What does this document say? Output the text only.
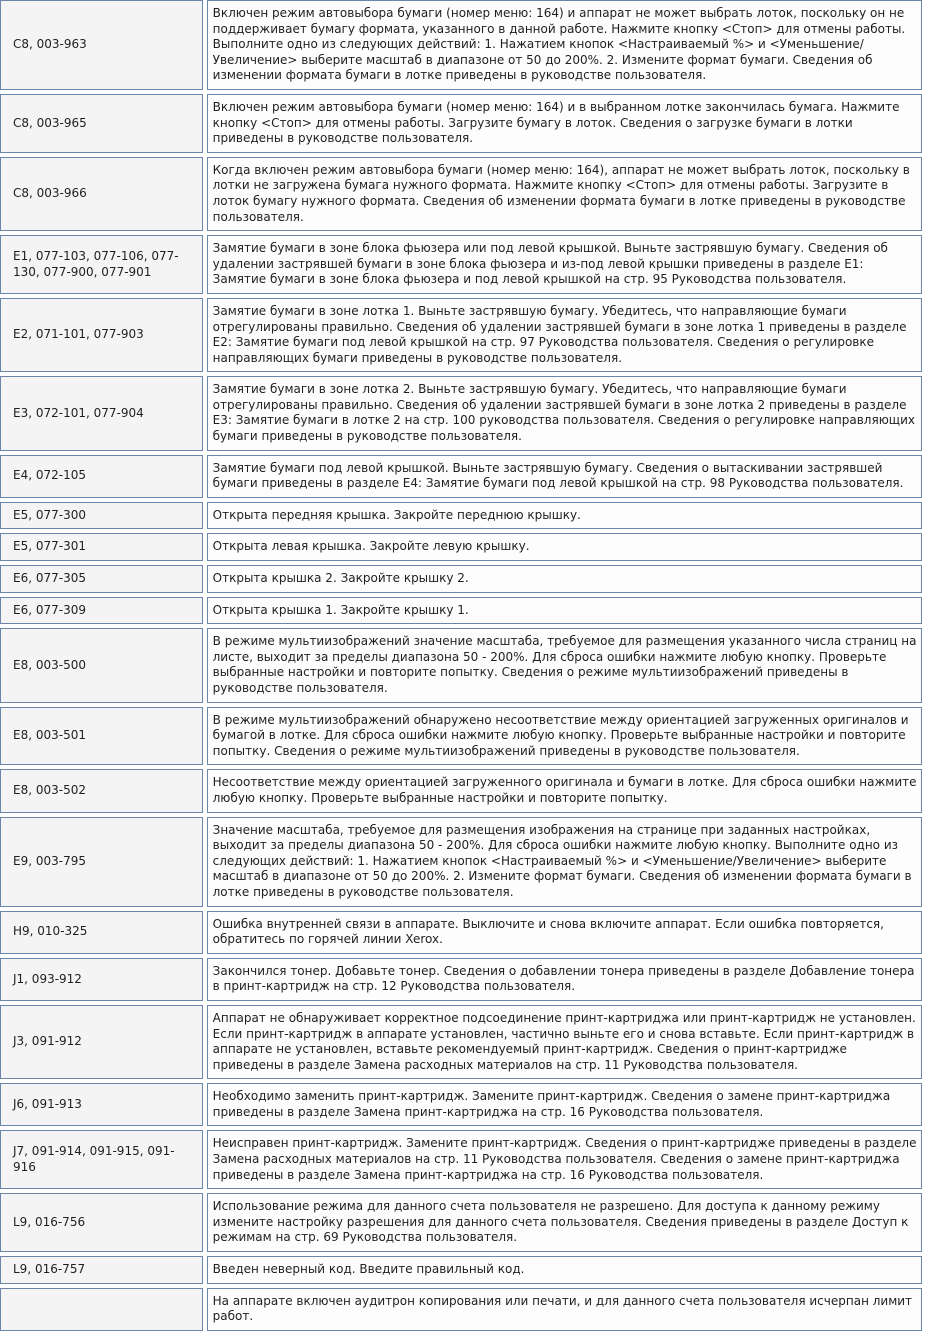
C8, 003-963	Включен режим автовыбора бумаги (номер меню: 164) и аппарат не может выбрать лоток, поскольку он не поддерживает бумагу формата, указанного в данной работе. Нажмите кнопку <Стоп> для отмены работы. Выполните одно из следующих действий: 1. Нажатием кнопок <Настраиваемый %> и <Уменьшение/Увеличение> выберите масштаб в диапазоне от 50 до 200%. 2. Измените формат бумаги. Сведения об изменении формата бумаги в лотке приведены в руководстве пользователя.
C8, 003-965	Включен режим автовыбора бумаги (номер меню: 164) и в выбранном лотке закончилась бумага. Нажмите кнопку <Стоп> для отмены работы. Загрузите бумагу в лоток. Сведения о загрузке бумаги в лотки приведены в руководстве пользователя.
C8, 003-966	Когда включен режим автовыбора бумаги (номер меню: 164), аппарат не может выбрать лоток, поскольку в лотки не загружена бумага нужного формата. Нажмите кнопку <Стоп> для отмены работы. Загрузите в лоток бумагу нужного формата. Сведения об изменении формата бумаги в лотке приведены в руководстве пользователя.
E1, 077-103, 077-106, 077-130, 077-900, 077-901	Замятие бумаги в зоне блока фьюзера или под левой крышкой. Выньте застрявшую бумагу. Сведения об удалении застрявшей бумаги в зоне блока фьюзера и из-под левой крышки приведены в разделе E1: Замятие бумаги в зоне блока фьюзера и под левой крышкой на стр. 95 Руководства пользователя.
E2, 071-101, 077-903	Замятие бумаги в зоне лотка 1. Выньте застрявшую бумагу. Убедитесь, что направляющие бумаги отрегулированы правильно. Сведения об удалении застрявшей бумаги в зоне лотка 1 приведены в разделе E2: Замятие бумаги под левой крышкой на стр. 97 Руководства пользователя. Сведения о регулировке направляющих бумаги приведены в руководстве пользователя.
E3, 072-101, 077-904	Замятие бумаги в зоне лотка 2. Выньте застрявшую бумагу. Убедитесь, что направляющие бумаги отрегулированы правильно. Сведения об удалении застрявшей бумаги в зоне лотка 2 приведены в разделе E3: Замятие бумаги в лотке 2 на стр. 100 руководства пользователя. Сведения о регулировке направляющих бумаги приведены в руководстве пользователя.
E4, 072-105	Замятие бумаги под левой крышкой. Выньте застрявшую бумагу. Сведения о вытаскивании застрявшей бумаги приведены в разделе E4: Замятие бумаги под левой крышкой на стр. 98 Руководства пользователя.
E5, 077-300	Открыта передняя крышка. Закройте переднюю крышку.
E5, 077-301	Открыта левая крышка. Закройте левую крышку.
E6, 077-305	Открыта крышка 2. Закройте крышку 2.
E6, 077-309	Открыта крышка 1. Закройте крышку 1.
E8, 003-500	В режиме мультиизображений значение масштаба, требуемое для размещения указанного числа страниц на листе, выходит за пределы диапазона 50 - 200%. Для сброса ошибки нажмите любую кнопку. Проверьте выбранные настройки и повторите попытку. Сведения о режиме мультиизображений приведены в руководстве пользователя.
E8, 003-501	В режиме мультиизображений обнаружено несоответствие между ориентацией загруженных оригиналов и бумагой в лотке. Для сброса ошибки нажмите любую кнопку. Проверьте выбранные настройки и повторите попытку. Сведения о режиме мультиизображений приведены в руководстве пользователя.
E8, 003-502	Несоответствие между ориентацией загруженного оригинала и бумаги в лотке. Для сброса ошибки нажмите любую кнопку. Проверьте выбранные настройки и повторите попытку.
E9, 003-795	Значение масштаба, требуемое для размещения изображения на странице при заданных настройках, выходит за пределы диапазона 50 - 200%. Для сброса ошибки нажмите любую кнопку. Выполните одно из следующих действий: 1. Нажатием кнопок <Настраиваемый %> и <Уменьшение/Увеличение> выберите масштаб в диапазоне от 50 до 200%. 2. Измените формат бумаги. Сведения об изменении формата бумаги в лотке приведены в руководстве пользователя.
H9, 010-325	Ошибка внутренней связи в аппарате. Выключите и снова включите аппарат. Если ошибка повторяется, обратитесь по горячей линии Xerox.
J1, 093-912	Закончился тонер. Добавьте тонер. Сведения о добавлении тонера приведены в разделе Добавление тонера в принт-картридж на стр. 12 Руководства пользователя.
J3, 091-912	Аппарат не обнаруживает корректное подсоединение принт-картриджа или принт-картридж не установлен. Если принт-картридж в аппарате установлен, частично выньте его и снова вставьте. Если принт-картридж в аппарате не установлен, вставьте рекомендуемый принт-картридж. Сведения о принт-картридже приведены в разделе Замена расходных материалов на стр. 11 Руководства пользователя.
J6, 091-913	Необходимо заменить принт-картридж. Замените принт-картридж. Сведения о замене принт-картриджа приведены в разделе Замена принт-картриджа на стр. 16 Руководства пользователя.
J7, 091-914, 091-915, 091-916	Неисправен принт-картридж. Замените принт-картридж. Сведения о принт-картридже приведены в разделе Замена расходных материалов на стр. 11 Руководства пользователя. Сведения о замене принт-картриджа приведены в разделе Замена принт-картриджа на стр. 16 Руководства пользователя.
L9, 016-756	Использование режима для данного счета пользователя не разрешено. Для доступа к данному режиму измените настройку разрешения для данного счета пользователя. Сведения приведены в разделе Доступ к режимам на стр. 69 Руководства пользователя.
L9, 016-757	Введен неверный код. Введите правильный код.
	На аппарате включен аудитрон копирования или печати, и для данного счета пользователя исчерпан лимит работ.
